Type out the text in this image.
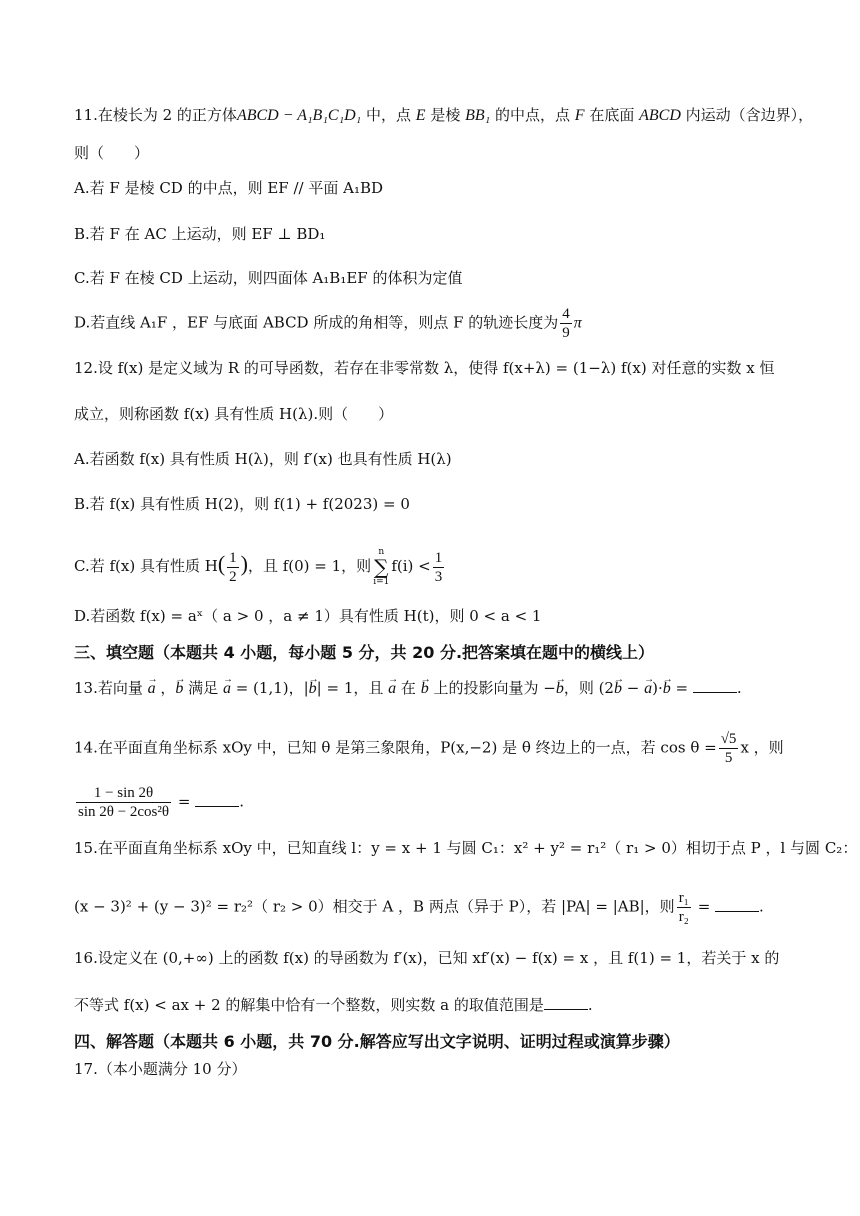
11.在棱长为 2 的正方体ABCD − A₁B₁C₁D₁ 中，点 E 是棱 BB₁ 的中点，点 F 在底面 ABCD 内运动（含边界），
则（　　）
A.若 F 是棱 CD 的中点，则 EF // 平面 A₁BD
B.若 F 在 AC 上运动，则 EF ⊥ BD₁
C.若 F 在棱 CD 上运动，则四面体 A₁B₁EF 的体积为定值
D.若直线 A₁F ，EF 与底面 ABCD 所成的角相等，则点 F 的轨迹长度为 $\frac{4}{9}$ π
12.设 f(x) 是定义域为 R 的可导函数，若存在非零常数 λ，使得 f(x+λ) = (1−λ) f(x) 对任意的实数 x 恒
成立，则称函数 f(x) 具有性质 H(λ).则（　　）
A.若函数 f(x) 具有性质 H(λ)，则 f′(x) 也具有性质 H(λ)
B.若 f(x) 具有性质 H(2)，则 f(1) + f(2023) = 0
C.若 f(x) 具有性质 $H( \frac{1}{2}$ )，且 f(0) = 1，则n
∑
$i=1f(i) < \frac{1}{3}$
D.若函数 f(x) = aˣ（ a > 0 ，a ≠ 1）具有性质 H(t)，则 0 < a < 1
三、填空题（本题共 4 小题，每小题 5 分，共 20 分.把答案填在题中的横线上）
13.若向量 → a ，→ b 满足 → a = (1,1)，|→ b| = 1，且 → a 在 → b 上的投影向量为 −→ b，则 (2→ b − → a)·→ b =	.
14.在平面直角坐标系 xOy 中，已知 θ 是第三象限角，P(x,−2) 是 θ 终边上的一点，若 $\cos \theta = \frac{√5}{5}$ x ，则
$\frac{1 - \sin 2\theta}{\text{sin 2θ − 2cos²θ}}$ =	.
15.在平面直角坐标系 xOy 中，已知直线 l：y = x + 1 与圆 C₁：x² + y² = r₁²（ r₁ > 0）相切于点 P ，l 与圆 C₂：
(x − 3)² + (y − 3)² = r₂²（ r₂ > 0）相交于 A ，B 两点（异于 P），若 |PA| = |AB|，则 $\frac{\text{r₁}}{\text{r₂}}$ =	.
16.设定义在 (0,+∞) 上的函数 f(x) 的导函数为 f′(x)，已知 xf′(x) − f(x) = x ，且 f(1) = 1，若关于 x 的
不等式 f(x) < ax + 2 的解集中恰有一个整数，则实数 a 的取值范围是	.
四、解答题（本题共 6 小题，共 70 分.解答应写出文字说明、证明过程或演算步骤）
17.（本小题满分 10 分）
